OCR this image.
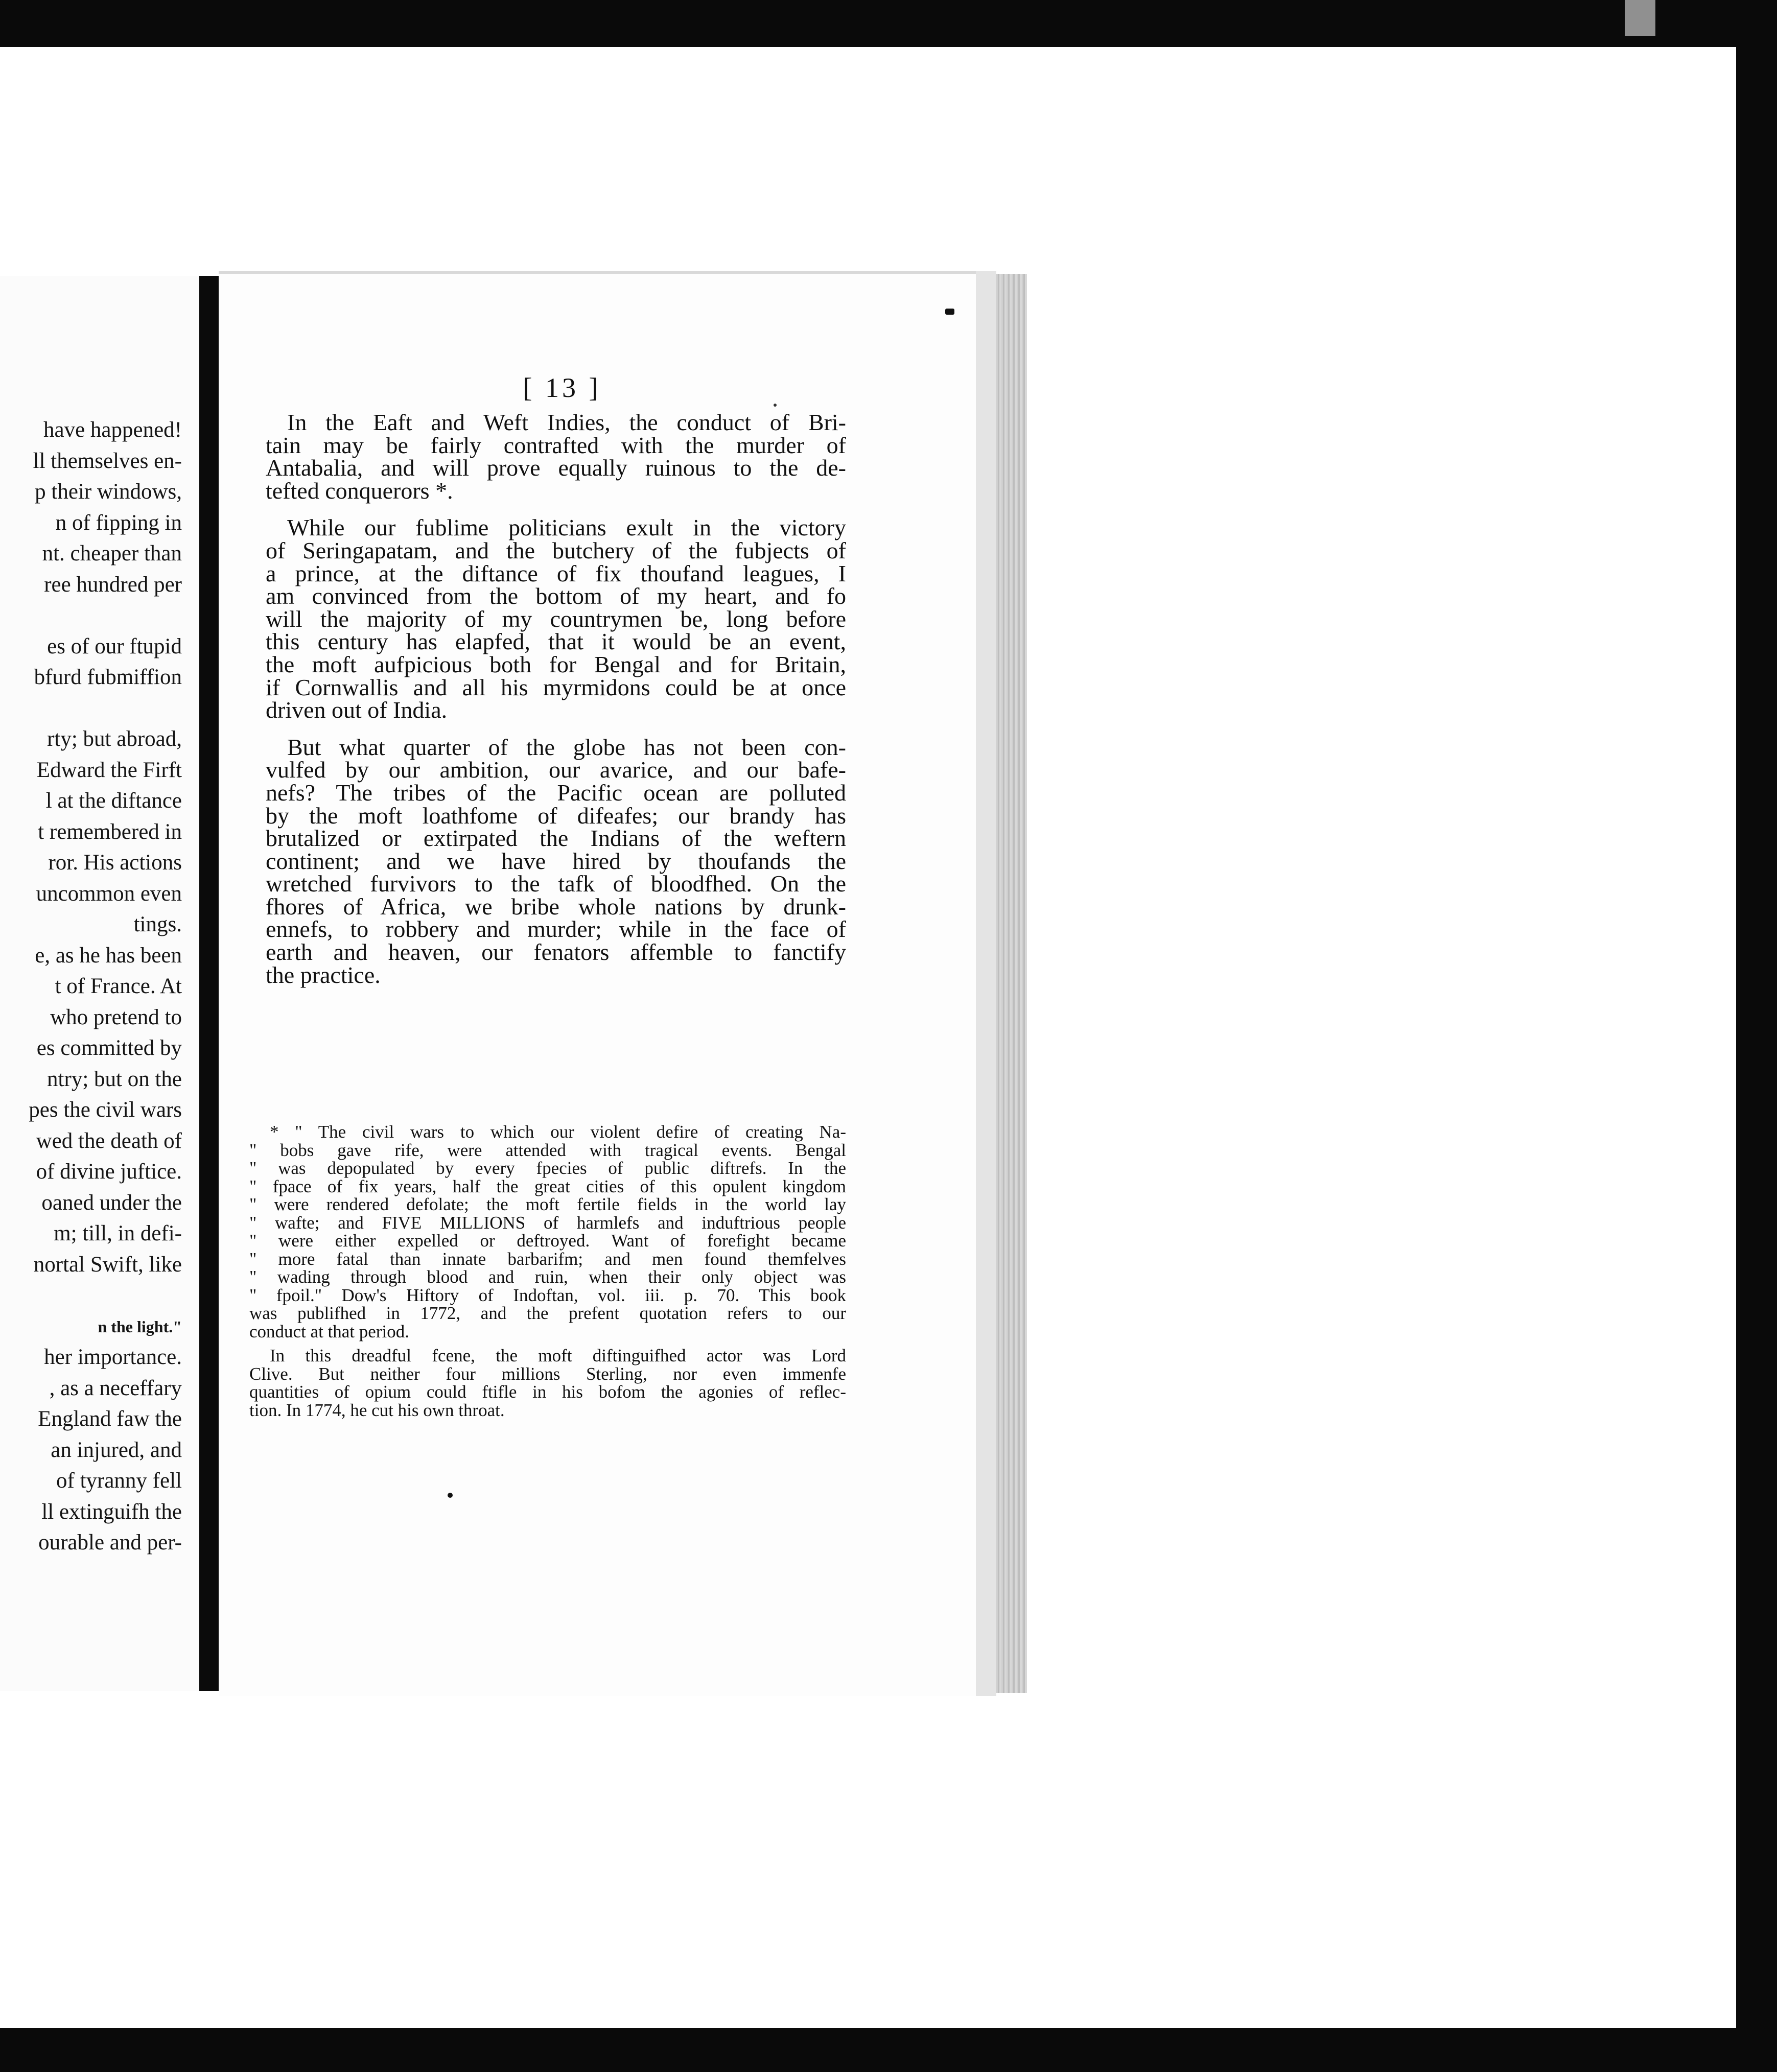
have happened!
ll themselves en-
p their windows,
n of fipping in
nt. cheaper than
ree hundred per

es of our ftupid
bfurd fubmiffion

rty; but abroad,
Edward the Firft
l at the diftance
t remembered in
ror. His actions
uncommon even
tings.
e, as he has been
t of France. At
who pretend to
es committed by
ntry; but on the
pes the civil wars
wed the death of
of divine juftice.
oaned under the
m; till, in defi-
nortal Swift, like

n the light."
her importance.
, as a neceffary
England faw the
an injured, and
of tyranny fell
ll extinguifh the
ourable and per-
[ 13 ]
In the Eaft and Weft Indies, the conduct of Bri-
tain may be fairly contrafted with the murder of
Antabalia, and will prove equally ruinous to the de-
tefted conquerors *.
While our fublime politicians exult in the victory
of Seringapatam, and the butchery of the fubjects of
a prince, at the diftance of fix thoufand leagues, I
am convinced from the bottom of my heart, and fo
will the majority of my countrymen be, long before
this century has elapfed, that it would be an event,
the moft aufpicious both for Bengal and for Britain,
if Cornwallis and all his myrmidons could be at once
driven out of India.
But what quarter of the globe has not been con-
vulfed by our ambition, our avarice, and our bafe-
nefs? The tribes of the Pacific ocean are polluted
by the moft loathfome of difeafes; our brandy has
brutalized or extirpated the Indians of the weftern
continent; and we have hired by thoufands the
wretched furvivors to the tafk of bloodfhed. On the
fhores of Africa, we bribe whole nations by drunk-
ennefs, to robbery and murder; while in the face of
earth and heaven, our fenators affemble to fanctify
the practice.
* " The civil wars to which our violent defire of creating Na-
" bobs gave rife, were attended with tragical events. Bengal
" was depopulated by every fpecies of public diftrefs. In the
" fpace of fix years, half the great cities of this opulent kingdom
" were rendered defolate; the moft fertile fields in the world lay
" wafte; and FIVE MILLIONS of harmlefs and induftrious people
" were either expelled or deftroyed. Want of forefight became
" more fatal than innate barbarifm; and men found themfelves
" wading through blood and ruin, when their only object was
" fpoil." Dow's Hiftory of Indoftan, vol. iii. p. 70. This book
was publifhed in 1772, and the prefent quotation refers to our
conduct at that period.
In this dreadful fcene, the moft diftinguifhed actor was Lord
Clive. But neither four millions Sterling, nor even immenfe
quantities of opium could ftifle in his bofom the agonies of reflec-
tion. In 1774, he cut his own throat.
